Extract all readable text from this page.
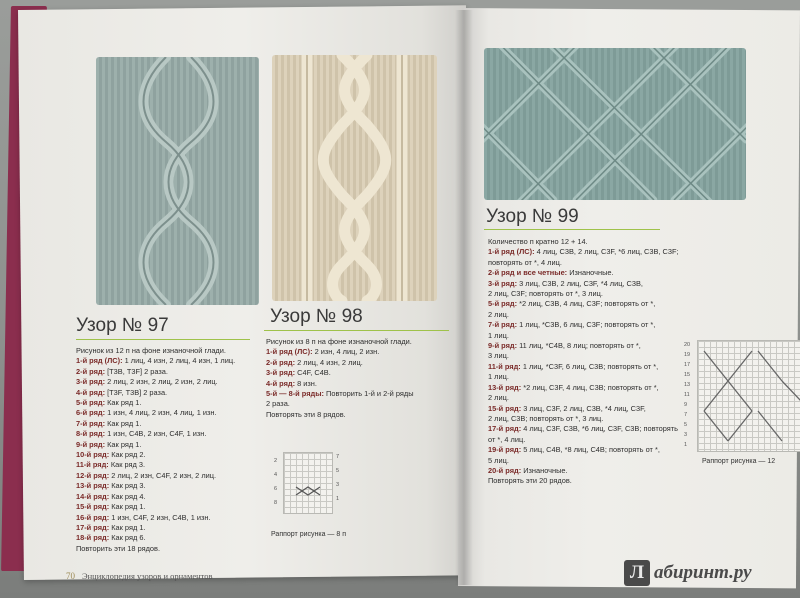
Узор № 97
Рисунок из 12 п на фоне изнаночной глади.
1-й ряд (ЛС): 1 лиц, 4 изн, 2 лиц, 4 изн, 1 лиц.
2-й ряд: [Т3В, Т3F] 2 раза.
3-й ряд: 2 лиц, 2 изн, 2 лиц, 2 изн, 2 лиц.
4-й ряд: [Т3F, Т3В] 2 раза.
5-й ряд: Как ряд 1.
6-й ряд: 1 изн, 4 лиц, 2 изн, 4 лиц, 1 изн.
7-й ряд: Как ряд 1.
8-й ряд: 1 изн, С4В, 2 изн, С4F, 1 изн.
9-й ряд: Как ряд 1.
10-й ряд: Как ряд 2.
11-й ряд: Как ряд 3.
12-й ряд: 2 лиц, 2 изн, С4F, 2 изн, 2 лиц.
13-й ряд: Как ряд 3.
14-й ряд: Как ряд 4.
15-й ряд: Как ряд 1.
16-й ряд: 1 изн, С4F, 2 изн, С4В, 1 изн.
17-й ряд: Как ряд 1.
18-й ряд: Как ряд 6.
Повторить эти 18 рядов.
Узор № 98
Рисунок из 8 п на фоне изнаночной глади.
1-й ряд (ЛС): 2 изн, 4 лиц, 2 изн.
2-й ряд: 2 лиц, 4 изн, 2 лиц.
3-й ряд: С4F, С4В.
4-й ряд: 8 изн.
5-й — 8-й ряды: Повторить 1-й и 2-й ряды
2 раза.
Повторять эти 8 рядов.
2
4
6
8
7
5
3
1
Раппорт рисунка — 8 п
Узор № 99
Количество п кратно 12 + 14.
1-й ряд (ЛС): 4 лиц, С3В, 2 лиц, С3F, *6 лиц, С3В, С3F;
повторять от *, 4 лиц.
2-й ряд и все четные: Изнаночные.
3-й ряд: 3 лиц, С3В, 2 лиц, С3F, *4 лиц, С3В,
2 лиц, С3F; повторять от *, 3 лиц.
5-й ряд: *2 лиц, С3В, 4 лиц, С3F; повторять от *,
2 лиц.
7-й ряд: 1 лиц, *С3В, 6 лиц, С3F; повторять от *,
1 лиц.
9-й ряд: 11 лиц, *С4В, 8 лиц; повторять от *,
3 лиц.
11-й ряд: 1 лиц, *С3F, 6 лиц, С3В; повторять от *,
1 лиц.
13-й ряд: *2 лиц, С3F, 4 лиц, С3В; повторять от *,
2 лиц.
15-й ряд: 3 лиц, С3F, 2 лиц, С3В, *4 лиц, С3F,
2 лиц, С3В; повторять от *, 3 лиц.
17-й ряд: 4 лиц, С3F, С3В, *6 лиц, С3F, С3В; повторять
от *, 4 лиц.
19-й ряд: 5 лиц, С4В, *8 лиц, С4В; повторять от *,
5 лиц.
20-й ряд: Изнаночные.
Повторять эти 20 рядов.
20
19
17
15
13
11
9
7
5
3
1
Раппорт рисунка — 12
70 Энциклопедия узоров и орнаментов	Л абиринт.ру
